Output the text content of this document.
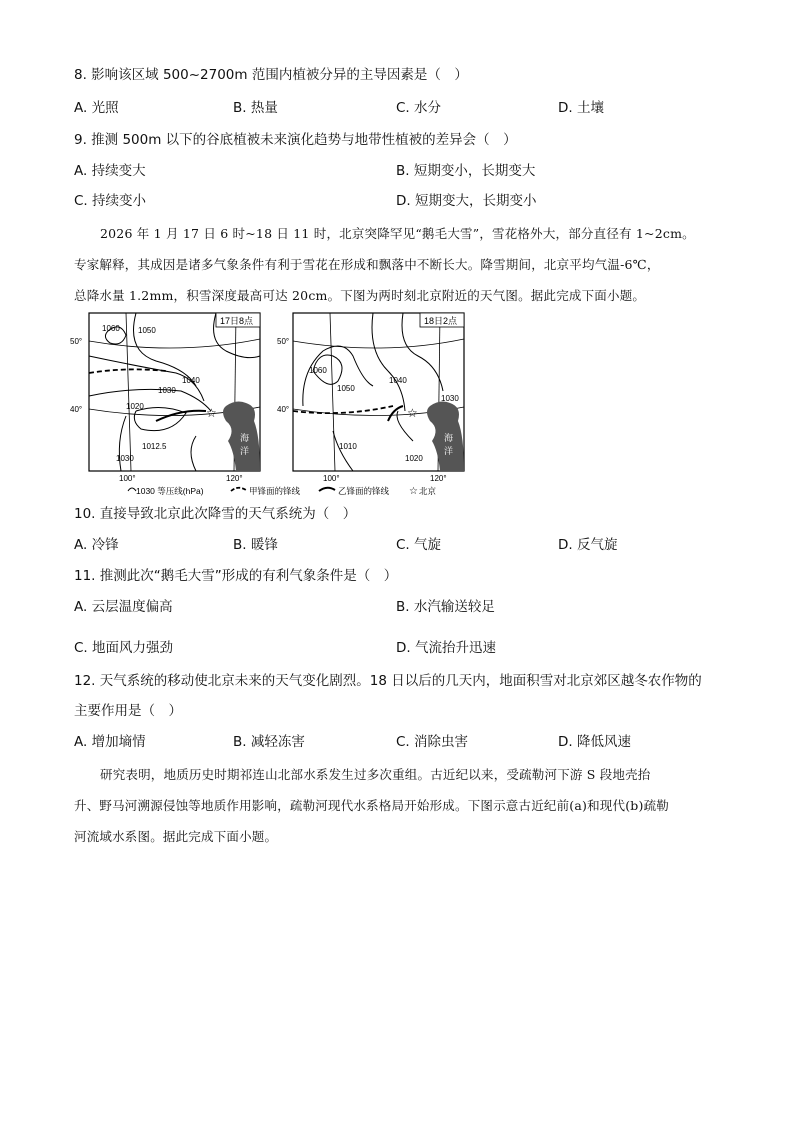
8. 影响该区域 500~2700m 范围内植被分异的主导因素是（　）
A. 光照	B. 热量	C. 水分	D. 土壤
9. 推测 500m 以下的谷底植被未来演化趋势与地带性植被的差异会（　）
A. 持续变大	B. 短期变小，长期变大
C. 持续变小	D. 短期变大，长期变小
2026 年 1 月 17 日 6 时~18 日 11 时，北京突降罕见“鹅毛大雪”，雪花格外大，部分直径有 1~2cm。
专家解释，其成因是诸多气象条件有利于雪花在形成和飘落中不断长大。降雪期间，北京平均气温-6℃，
总降水量 1.2mm，积雪深度最高可达 20cm。下图为两时刻北京附近的天气图。据此完成下面小题。
☆
17日8点
海
洋
1060 1050
1040
1030
1020
1012.5
1030
50°
40°
100°	120°
☆
18日2点
海
洋
1060
1050
1040
1030
1020
1010
50°
40°
100°	120°
1030 等压线(hPa)	甲锋面的锋线	乙锋面的锋线 ☆ 北京
10. 直接导致北京此次降雪的天气系统为（　）
A. 冷锋	B. 暖锋	C. 气旋	D. 反气旋
11. 推测此次“鹅毛大雪”形成的有利气象条件是（　）
A. 云层温度偏高	B. 水汽输送较足
C. 地面风力强劲	D. 气流抬升迅速
12. 天气系统的移动使北京未来的天气变化剧烈。18 日以后的几天内，地面积雪对北京郊区越冬农作物的
主要作用是（　）
A. 增加墒情	B. 减轻冻害	C. 消除虫害	D. 降低风速
研究表明，地质历史时期祁连山北部水系发生过多次重组。古近纪以来，受疏勒河下游 S 段地壳抬
升、野马河溯源侵蚀等地质作用影响，疏勒河现代水系格局开始形成。下图示意古近纪前(a)和现代(b)疏勒
河流域水系图。据此完成下面小题。
